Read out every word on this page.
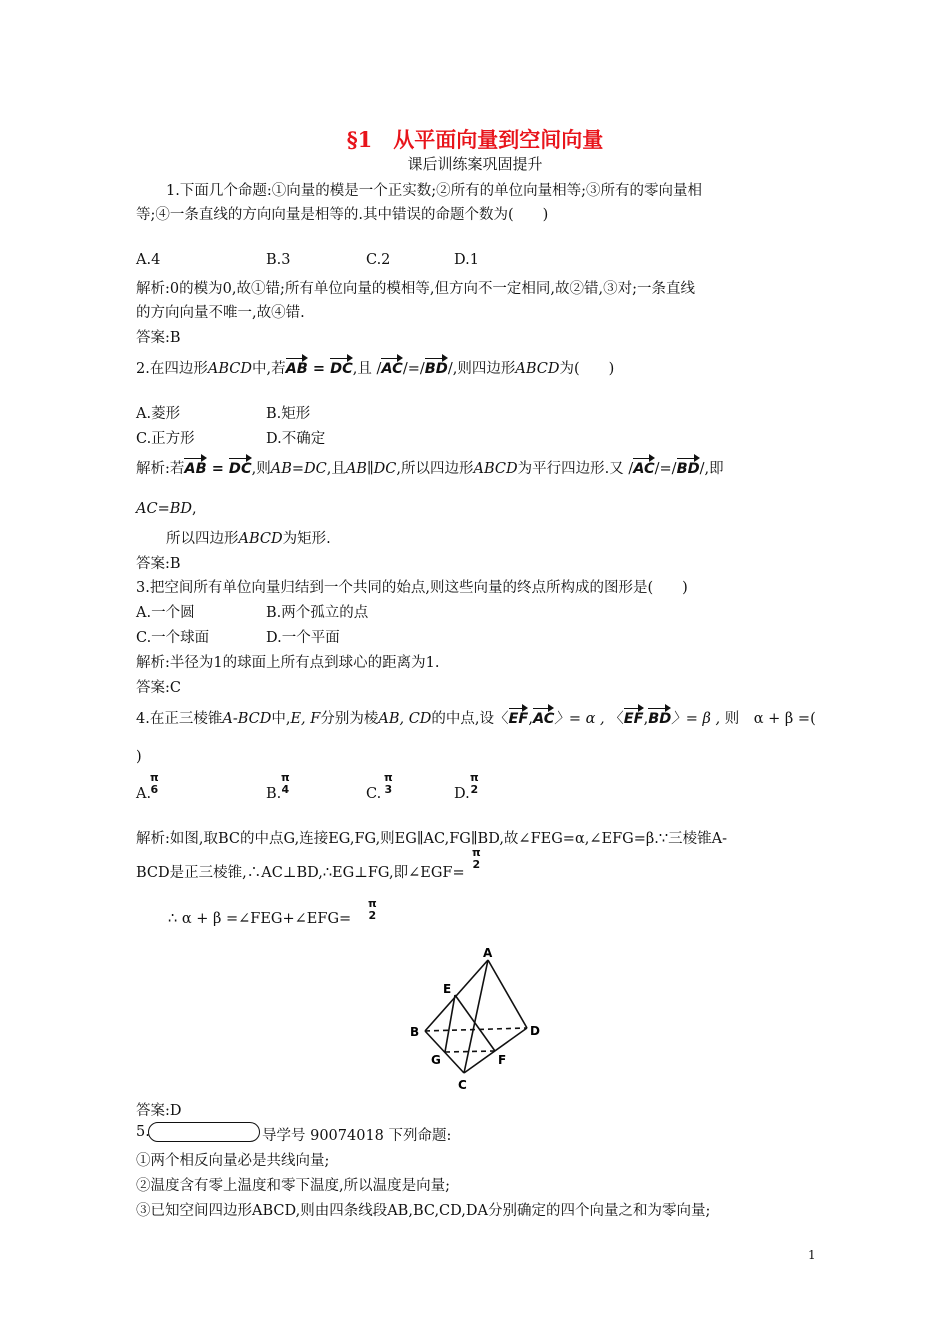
§1　从平面向量到空间向量
课后训练案巩固提升
1.下面几个命题:①向量的模是一个正实数;②所有的单位向量相等;③所有的零向量相
等;④一条直线的方向向量是相等的.其中错误的命题个数为(　　)
A.4	B.3	C.2	D.1
解析:0的模为0,故①错;所有单位向量的模相等,但方向不一定相同,故②错,③对;一条直线
的方向向量不唯一,故④错.
答案:B
2.在四边形ABCD中,若AB = DC,且 /AC/=/BD/,则四边形ABCD为(　　)
A.菱形	B.矩形
C.正方形	D.不确定
解析:若AB = DC,则AB=DC,且AB∥DC,所以四边形ABCD为平行四边形.又 /AC/=/BD/,即
AC=BD,
所以四边形ABCD为矩形.
答案:B
3.把空间所有单位向量归结到一个共同的始点,则这些向量的终点所构成的图形是(　　)
A.一个圆	B.两个孤立的点
C.一个球面	D.一个平面
解析:半径为1的球面上所有点到球心的距离为1.
答案:C
4.在正三棱锥A-BCD中,E, F分别为棱AB, CD的中点,设〈EF,AC〉= α , 〈EF,BD〉= β , 则　α + β =(
)
A.
π
6	B.
π
4	C.
π
3	D.
π
2
解析:如图,取BC的中点G,连接EG,FG,则EG∥AC,FG∥BD,故∠FEG=α,∠EFG=β.∵三棱锥A-
BCD是正三棱锥,∴AC⊥BD,∴EG⊥FG,即∠EGF=
π
2
∴ α + β =∠FEG+∠EFG=
π
2
A
B
C
D
E
F
G
答案:D
5.	导学号 90074018 下列命题:
①两个相反向量必是共线向量;
②温度含有零上温度和零下温度,所以温度是向量;
③已知空间四边形ABCD,则由四条线段AB,BC,CD,DA分别确定的四个向量之和为零向量;
1
